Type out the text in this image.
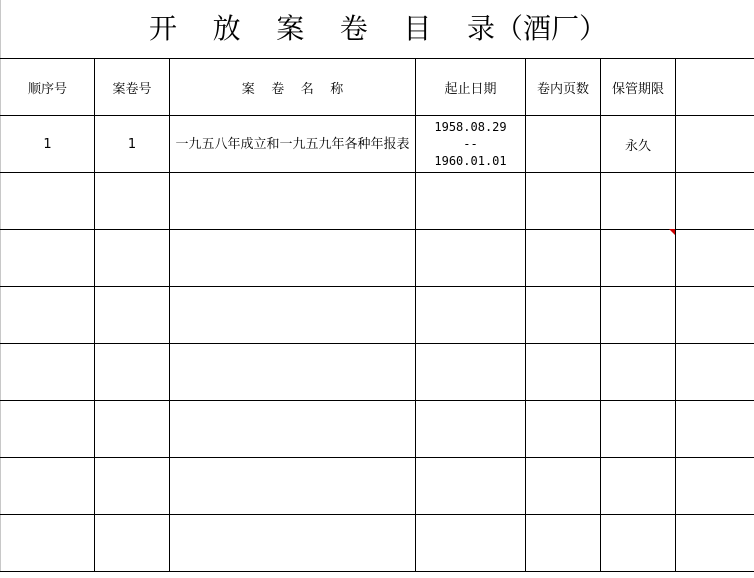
开    放    案    卷    目    录（酒厂）
顺序号	案卷号	案    卷    名    称	起止日期	卷内页数	保管期限	
1	1	一九五八年成立和一九五九年各种年报表	1958.08.29
--
1960.01.01		永久	
